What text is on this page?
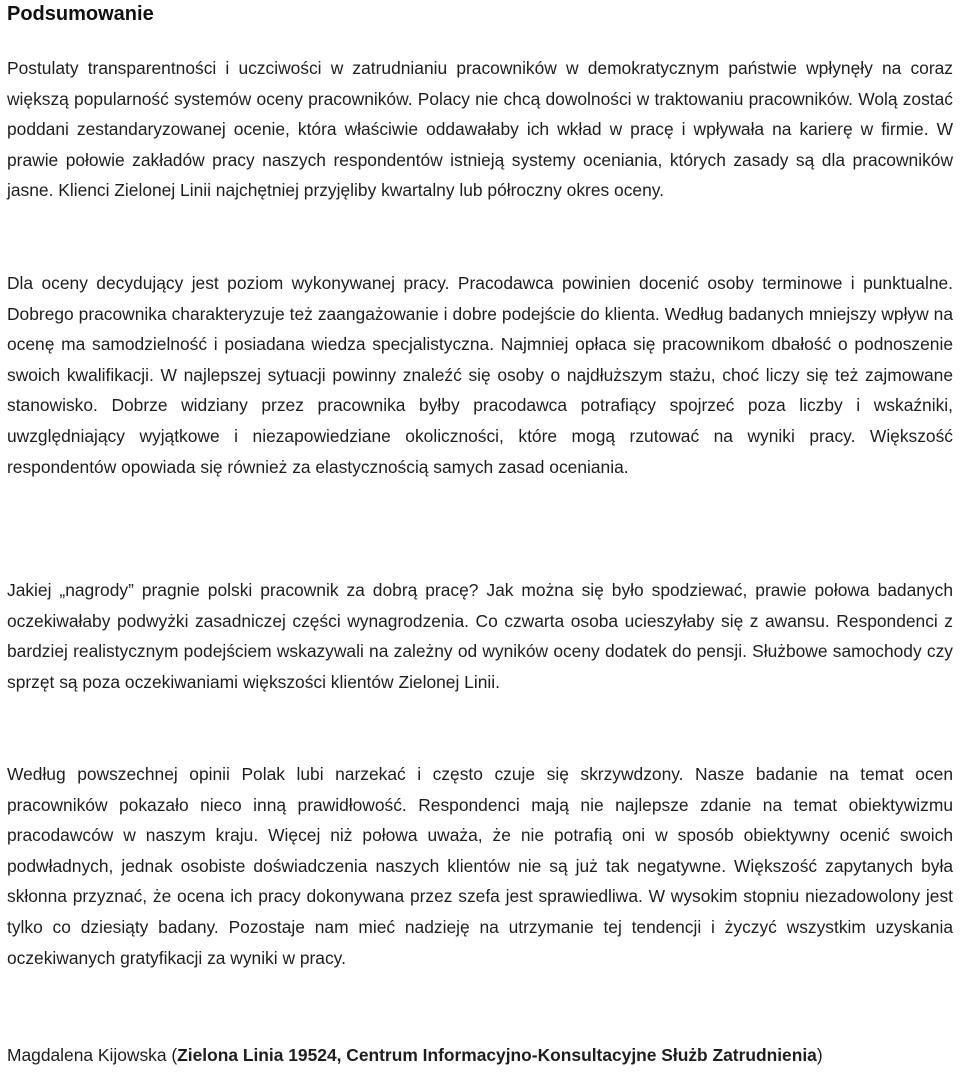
Podsumowanie

Postulaty transparentności i uczciwości w zatrudnianiu pracowników w demokratycznym państwie wpłynęły na coraz większą popularność systemów oceny pracowników. Polacy nie chcą dowolności w traktowaniu pracowników. Wolą zostać poddani zestandaryzowanej ocenie, która właściwie oddawałaby ich wkład w pracę i wpływała na karierę w firmie. W prawie połowie zakładów pracy naszych respondentów istnieją systemy oceniania, których zasady są dla pracowników jasne. Klienci Zielonej Linii najchętniej przyjęliby kwartalny lub półroczny okres oceny.

Dla oceny decydujący jest poziom wykonywanej pracy. Pracodawca powinien docenić osoby terminowe i punktualne. Dobrego pracownika charakteryzuje też zaangażowanie i dobre podejście do klienta. Według badanych mniejszy wpływ na ocenę ma samodzielność i posiadana wiedza specjalistyczna. Najmniej opłaca się pracownikom dbałość o podnoszenie swoich kwalifikacji. W najlepszej sytuacji powinny znaleźć się osoby o najdłuższym stażu, choć liczy się też zajmowane stanowisko. Dobrze widziany przez pracownika byłby pracodawca potrafiący spojrzeć poza liczby i wskaźniki, uwzględniający wyjątkowe i niezapowiedziane okoliczności, które mogą rzutować na wyniki pracy. Większość respondentów opowiada się również za elastycznością samych zasad oceniania.

Jakiej „nagrody” pragnie polski pracownik za dobrą pracę? Jak można się było spodziewać, prawie połowa badanych oczekiwałaby podwyżki zasadniczej części wynagrodzenia. Co czwarta osoba ucieszyłaby się z awansu. Respondenci z bardziej realistycznym podejściem wskazywali na zależny od wyników oceny dodatek do pensji. Służbowe samochody czy sprzęt są poza oczekiwaniami większości klientów Zielonej Linii.

Według powszechnej opinii Polak lubi narzekać i często czuje się skrzywdzony. Nasze badanie na temat ocen pracowników pokazało nieco inną prawidłowość. Respondenci mają nie najlepsze zdanie na temat obiektywizmu pracodawców w naszym kraju. Więcej niż połowa uważa, że nie potrafią oni w sposób obiektywny ocenić swoich podwładnych, jednak osobiste doświadczenia naszych klientów nie są już tak negatywne. Większość zapytanych była skłonna przyznać, że ocena ich pracy dokonywana przez szefa jest sprawiedliwa. W wysokim stopniu niezadowolony jest tylko co dziesiąty badany. Pozostaje nam mieć nadzieję na utrzymanie tej tendencji i życzyć wszystkim uzyskania oczekiwanych gratyfikacji za wyniki w pracy.

Magdalena Kijowska (Zielona Linia 19524, Centrum Informacyjno-Konsultacyjne Służb Zatrudnienia)
